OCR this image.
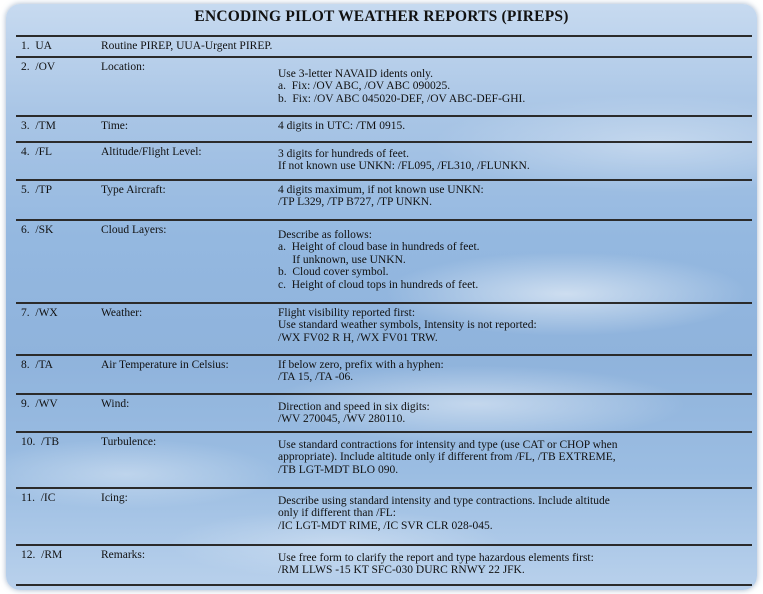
ENCODING PILOT WEATHER REPORTS (PIREPS)
1.  UA	Routine PIREP, UUA-Urgent PIREP.
2.  /OV	Location:
Use 3-letter NAVAID idents only.
a.  Fix: /OV ABC, /OV ABC 090025.
b.  Fix: /OV ABC 045020-DEF, /OV ABC-DEF-GHI.
3.  /TM	Time:	4 digits in UTC: /TM 0915.
4.  /FL	Altitude/Flight Level:	3 digits for hundreds of feet.
If not known use UNKN: /FL095, /FL310, /FLUNKN.
5.  /TP	Type Aircraft:	4 digits maximum, if not known use UNKN:
/TP L329, /TP B727, /TP UNKN.
6.  /SK	Cloud Layers:	Describe as follows:
a.  Height of cloud base in hundreds of feet.
If unknown, use UNKN.
b.  Cloud cover symbol.
c.  Height of cloud tops in hundreds of feet.
7.  /WX	Weather:	Flight visibility reported first:
Use standard weather symbols, Intensity is not reported:
/WX FV02 R H, /WX FV01 TRW.
8.  /TA	Air Temperature in Celsius:	If below zero, prefix with a hyphen:
/TA 15, /TA -06.
9.  /WV	Wind:	Direction and speed in six digits:
/WV 270045, /WV 280110.
10.  /TB	Turbulence:	Use standard contractions for intensity and type (use CAT or CHOP when
appropriate). Include altitude only if different from /FL, /TB EXTREME,
/TB LGT-MDT BLO 090.
11.  /IC	Icing:	Describe using standard intensity and type contractions. Include altitude
only if different than /FL:
/IC LGT-MDT RIME, /IC SVR CLR 028-045.
12.  /RM	Remarks:	Use free form to clarify the report and type hazardous elements first:
/RM LLWS -15 KT SFC-030 DURC RNWY 22 JFK.
